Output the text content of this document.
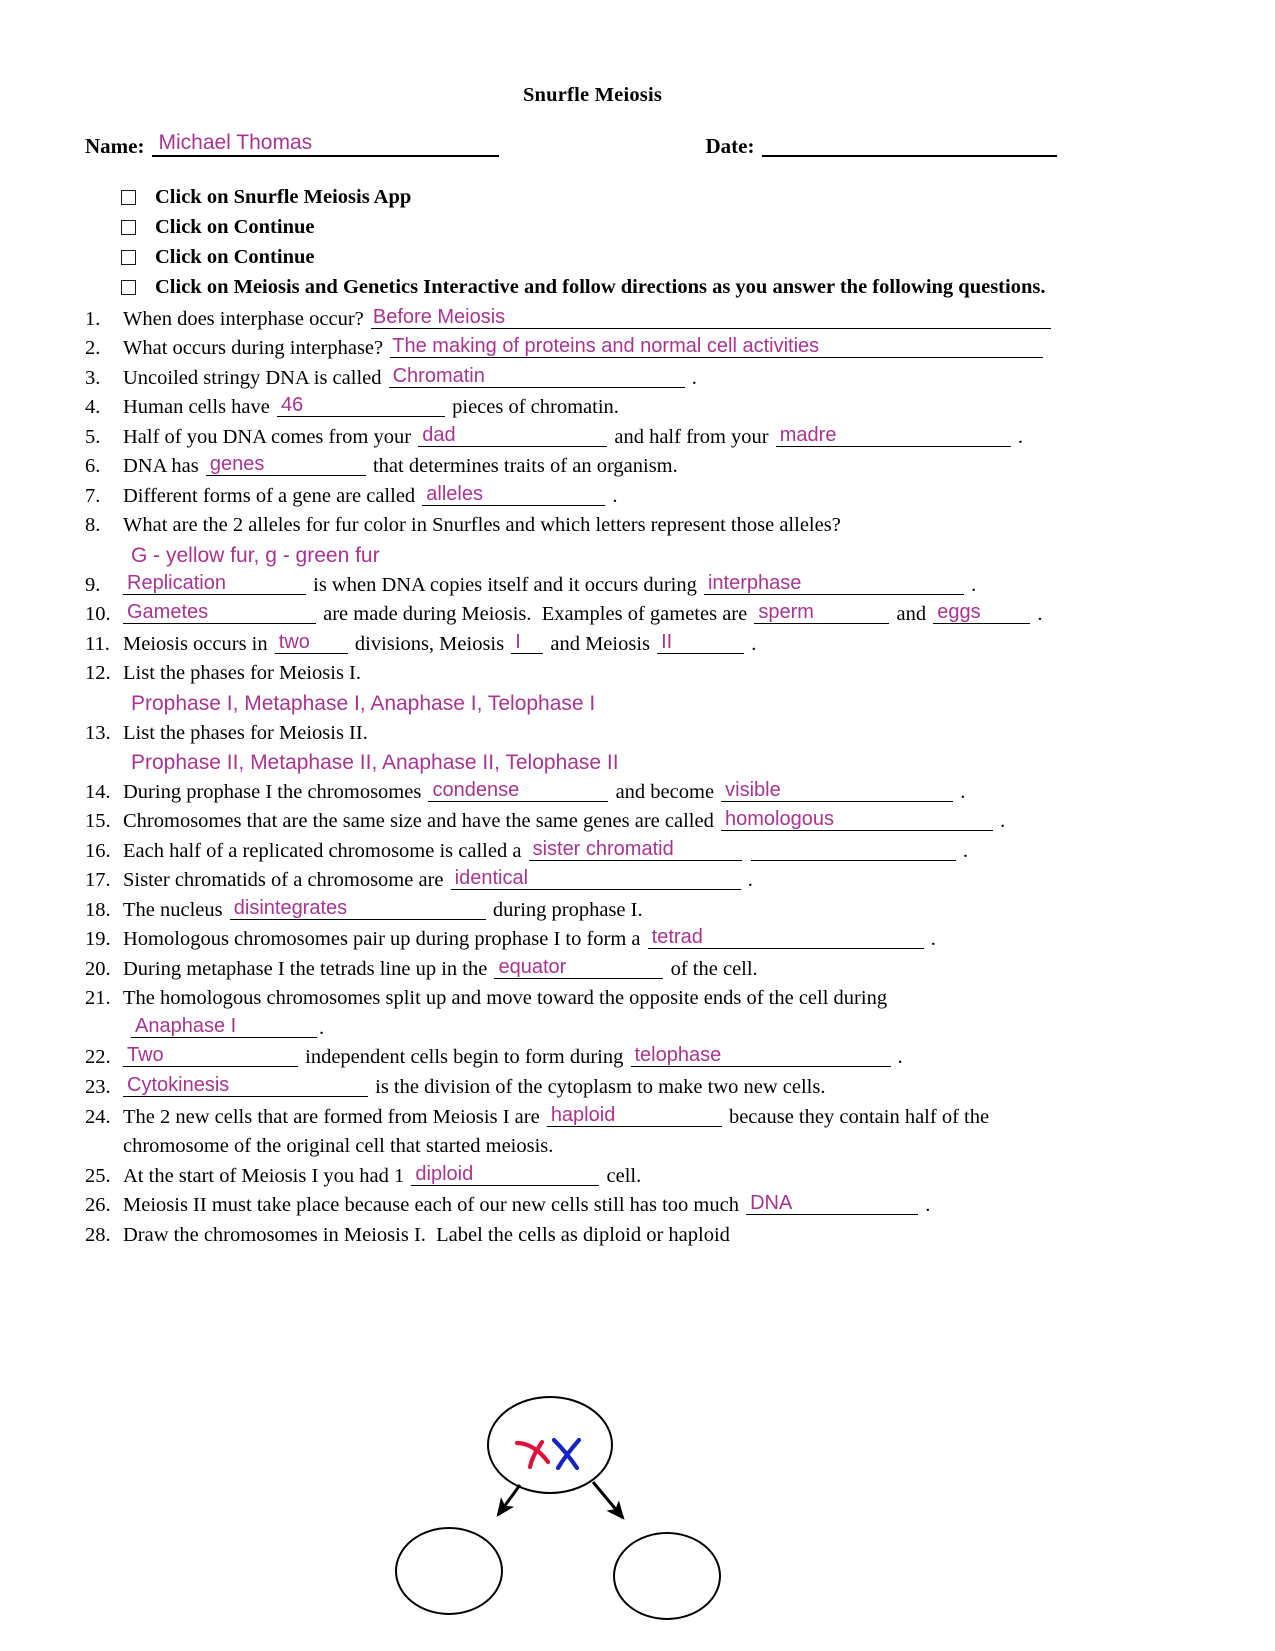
Snurfle Meiosis
Name: Michael Thomas	Date:
Click on Snurfle Meiosis App
Click on Continue
Click on Continue
Click on Meiosis and Genetics Interactive and follow directions as you answer the following questions.
1.	When does interphase occur? Before Meiosis
2.	What occurs during interphase? The making of proteins and normal cell activities
3.	Uncoiled stringy DNA is called Chromatin	.
4.	Human cells have 46	pieces of chromatin.
5.	Half of you DNA comes from your dad	and half from your madre	.
6.	DNA has genes	that determines traits of an organism.
7.	Different forms of a gene are called alleles	.
8.	What are the 2 alleles for fur color in Snurfles and which letters represent those alleles?
G - yellow fur, g - green fur
9.	Replication	is when DNA copies itself and it occurs during interphase	.
10. Gametes	are made during Meiosis.  Examples of gametes are sperm	and eggs	.
11. Meiosis occurs in two divisions, Meiosis I and Meiosis II	.
12. List the phases for Meiosis I.
Prophase I, Metaphase I, Anaphase I, Telophase I
13. List the phases for Meiosis II.
Prophase II, Metaphase II, Anaphase II, Telophase II
14. During prophase I the chromosomes condense	and become visible	.
15. Chromosomes that are the same size and have the same genes are called homologous	.
16. Each half of a replicated chromosome is called a sister chromatid
	.
17. Sister chromatids of a chromosome are identical	.
18. The nucleus disintegrates	during prophase I.
19. Homologous chromosomes pair up during prophase I to form a tetrad	.
20. During metaphase I the tetrads line up in the equator	of the cell.
21. The homologous chromosomes split up and move toward the opposite ends of the cell during
Anaphase I	.
22. Two	independent cells begin to form during telophase	.
23. Cytokinesis	is the division of the cytoplasm to make two new cells.
24. The 2 new cells that are formed from Meiosis I are haploid	because they contain half of the
chromosome of the original cell that started meiosis.
25. At the start of Meiosis I you had 1 diploid	cell.
26. Meiosis II must take place because each of our new cells still has too much DNA	.
28. Draw the chromosomes in Meiosis I.  Label the cells as diploid or haploid
